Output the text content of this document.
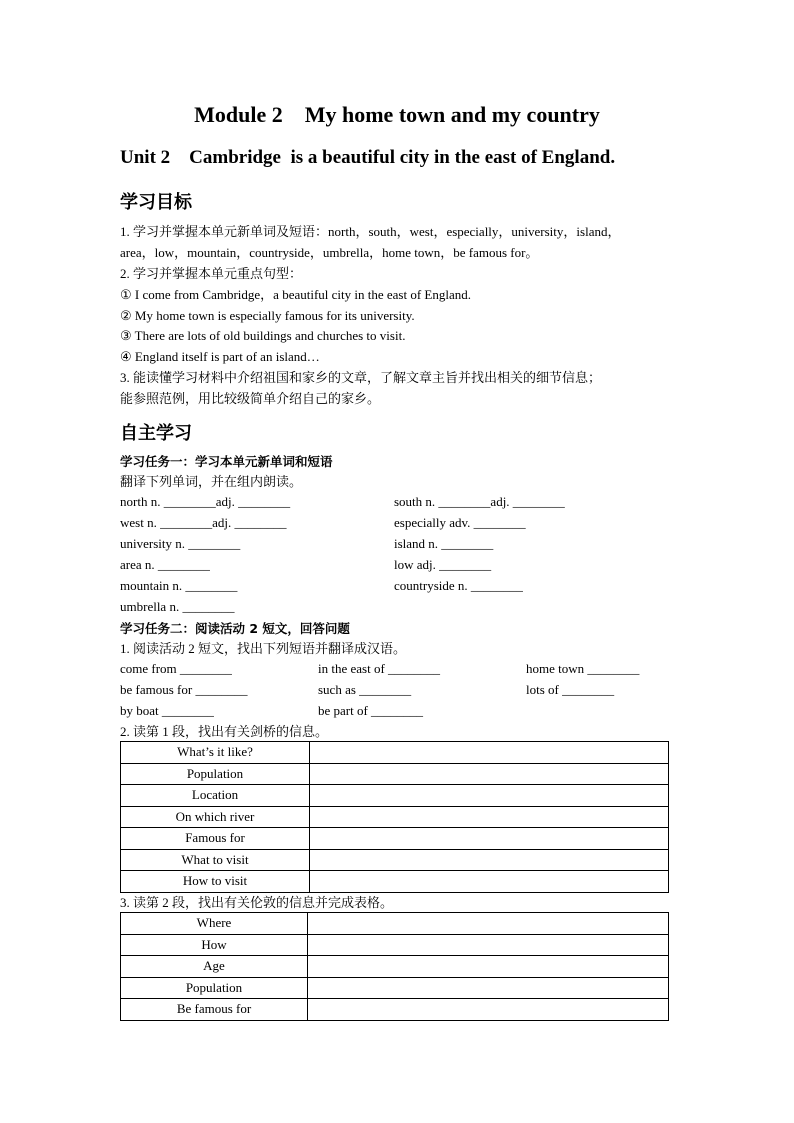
Module 2    My home town and my country
Unit 2    Cambridge  is a beautiful city in the east of England.
学习目标
1. 学习并掌握本单元新单词及短语：north，south，west，especially，university，island，
area，low，mountain，countryside，umbrella，home town，be famous for。
2. 学习并掌握本单元重点句型：
① I come from Cambridge，a beautiful city in the east of England.
② My home town is especially famous for its university.
③ There are lots of old buildings and churches to visit.
④ England itself is part of an island…
3. 能读懂学习材料中介绍祖国和家乡的文章，了解文章主旨并找出相关的细节信息；
能参照范例，用比较级简单介绍自己的家乡。
自主学习
学习任务一：学习本单元新单词和短语
翻译下列单词，并在组内朗读。
north n. ________adj. ________	south n. ________adj. ________
west n. ________adj. ________	especially adv. ________
university n. ________	island n. ________
area n. ________	low adj. ________
mountain n. ________	countryside n. ________
umbrella n. ________
学习任务二：阅读活动 2 短文，回答问题
1. 阅读活动 2 短文，找出下列短语并翻译成汉语。
come from ________	in the east of ________	home town ________
be famous for ________	such as ________	lots of ________
by boat ________	be part of ________
2. 读第 1 段，找出有关剑桥的信息。
What’s it like?	
Population	
Location	
On which river	
Famous for	
What to visit	
How to visit	
3. 读第 2 段，找出有关伦敦的信息并完成表格。
Where	
How	
Age	
Population	
Be famous for	
